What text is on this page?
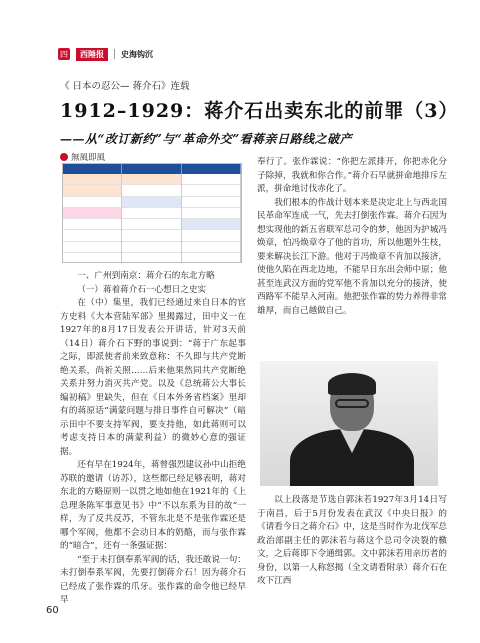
四	西陲报	史海钩沉
《 日本の忍公— 蒋介石》连载
1912–1929：蒋介石出卖东北的前罪（3）
——从“改订新约”与“革命外交”看蒋亲日路线之破产
無風即風

一、广州到南京：蒋介石的东北方略

（一）蒋着蒋介石一心想日之史实

在（中）集里，我们已经通过来自日本的官方史料《大本营陆军部》里揭露过，田中义一在1927年的8月17日发表公开讲话，针对3天前（14日）蒋介石下野的事说到：“蒋于广东起事之际，即派使者前来致意称：不久即与共产党断绝关系，尚祈关照……后来他果然同共产党断绝关系并努力消灭共产党。以及《总统蒋公大事长编初稿》里缺失，但在《日本外务省档案》里却有的蒋原话“满蒙问题与排日事件自可解决”（暗示田中不要支持军阀，要支持他，如此蒋则可以考虑支持日本的满蒙利益）的微妙心意的强证据。

还有早在1924年，蒋曾强烈建议孙中山拒绝苏联的邀请（访苏），这些都已经足够表明，蒋对东北的方略原则一以贯之地如他在1921年的《上总理条陈军事意见书》中“不以东系为目的故”一样，为了反共反苏，不管东北是不是张作霖还是哪个军阀，他都不会动日本的奶酪，而与张作霖的“暗合”，还有一条强证据：

“至于未打倒奉系军阀的话，我还敢说一句：未打倒奉系军阀，先要打倒蒋介石！因为蒋介石已经成了张作霖的爪牙。张作霖的命令他已经早早

奉行了。张作霖说：“你把左派排开，你把赤化分子除掉，我就和你合作。”蒋介石早就拼命地排斥左派，拼命地讨伐赤化了。

我们根本的作战计划本来是决定北上与西北国民革命军连成一气，先去打倒张作霖。蒋介石因为想实现他的新五省联军总司令的梦，他因为护城冯焕章，怕冯焕章夺了他的首功，所以他题外生枝，要来解决长江下游。他对于冯焕章不肯加以接济，使他久陷在西北边地，不能早日东出会师中原；他甚至连武汉方面的党军他不肯加以充分的接济，使西路军不能早入河南。他把张作霖的势力养得非常雄厚，而自己越做自己。

以上段落是节选自郭沫若1927年3月14日写于南昌，后于5月份发表在武汉《中央日报》的《请看今日之蒋介石》中，这是当时作为北伐军总政治部副主任的郭沫若与蒋这个总司令决裂的檄文，之后蒋即下令通缉郭。文中郭沫若用亲历者的身份，以第一人称怒揭（全文请看附录）蒋介石在攻下江西

60
